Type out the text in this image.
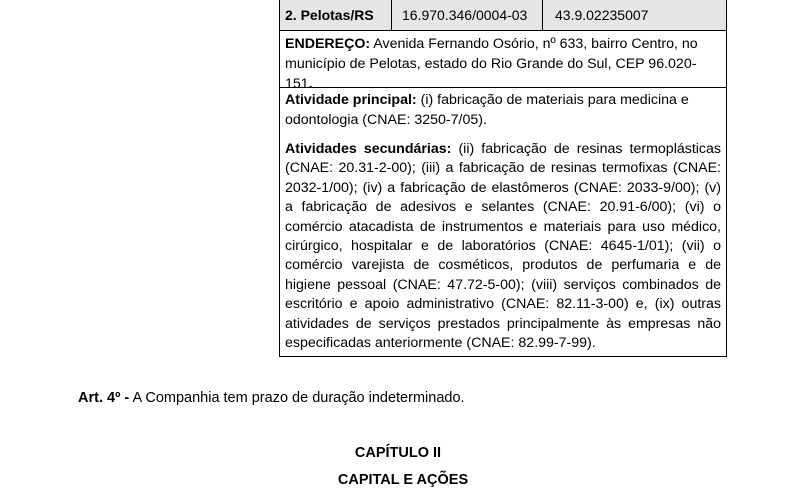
2. Pelotas/RS	16.970.346/0004-03	43.9.02235007
ENDEREÇO: Avenida Fernando Osório, nº 633, bairro Centro, no município de Pelotas, estado do Rio Grande do Sul, CEP 96.020-151.

Atividade principal: (i) fabricação de materiais para medicina e odontologia (CNAE: 3250-7/05).

Atividades secundárias: (ii) fabricação de resinas termoplásticas (CNAE: 20.31-2-00); (iii) a fabricação de resinas termofixas (CNAE: 2032-1/00); (iv) a fabricação de elastômeros (CNAE: 2033-9/00); (v) a fabricação de adesivos e selantes (CNAE: 20.91-6/00); (vi) o comércio atacadista de instrumentos e materiais para uso médico, cirúrgico, hospitalar e de laboratórios (CNAE: 4645-1/01); (vii) o comércio varejista de cosméticos, produtos de perfumaria e de higiene pessoal (CNAE: 47.72-5-00); (viii) serviços combinados de escritório e apoio administrativo (CNAE: 82.11-3-00) e, (ix) outras atividades de serviços prestados principalmente às empresas não especificadas anteriormente (CNAE: 82.99-7-99).

Art. 4º - A Companhia tem prazo de duração indeterminado.
CAPÍTULO II
CAPITAL E AÇÕES
